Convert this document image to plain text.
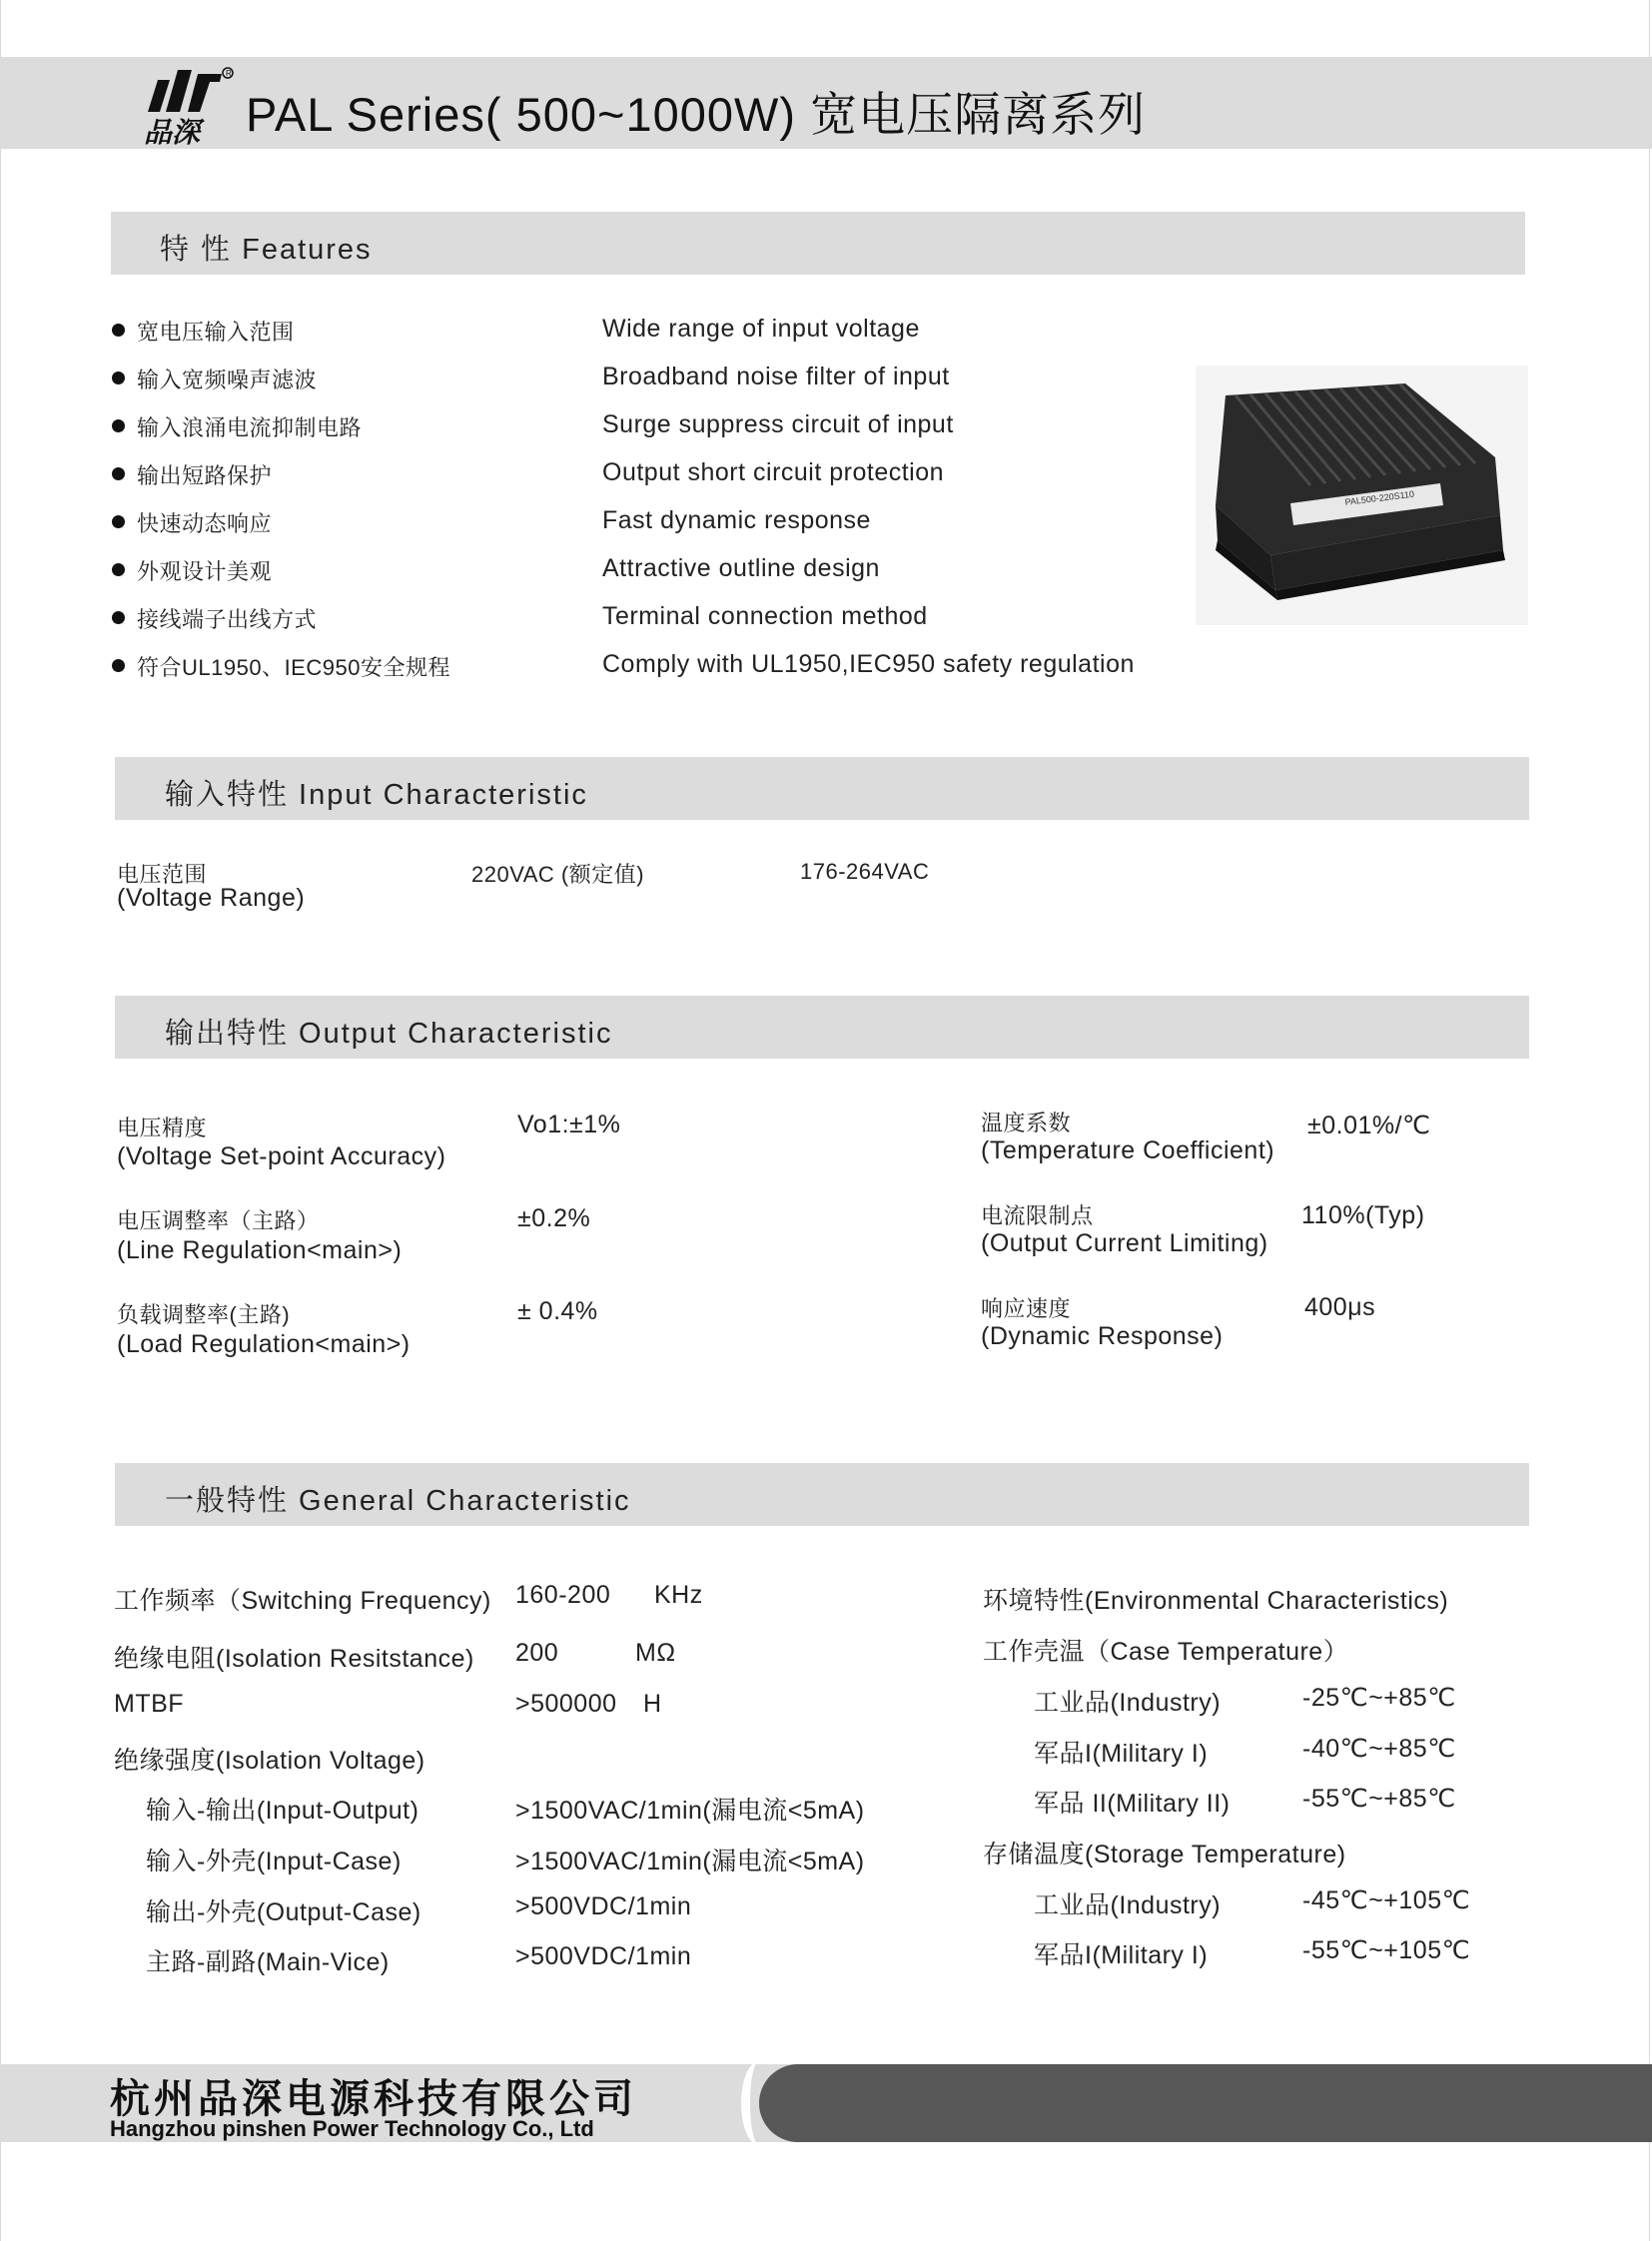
R
品深 PAL Series( 500~1000W) 宽电压隔离系列
特 性 Features
宽电压输入范围	Wide range of input voltage
输入宽频噪声滤波	Broadband noise filter of input
输入浪涌电流抑制电路	Surge suppress circuit of input
输出短路保护	Output short circuit protection
快速动态响应	Fast dynamic response
外观设计美观	Attractive outline design
接线端子出线方式	Terminal connection method
符合UL1950、IEC950安全规程	Comply with UL1950,IEC950 safety regulation
PAL500-220S110
输入特性 Input Characteristic
电压范围
(Voltage Range)
220VAC (额定值)	176-264VAC
输出特性 Output Characteristic
电压精度
(Voltage Set-point Accuracy)
Vo1:±1%
电压调整率（主路）
(Line Regulation<main>)
±0.2%
负载调整率(主路)
(Load Regulation<main>)
± 0.4%
温度系数
(Temperature Coefficient)
±0.01%/℃
电流限制点
(Output Current Limiting)
110%(Typ)
响应速度
(Dynamic Response)
400μs
一般特性 General Characteristic
工作频率（Switching Frequency) 160-200 KHz
绝缘电阻(Isolation Resitstance) 200	MΩ
MTBF	>500000 H
绝缘强度(Isolation Voltage)
输入-输出(Input-Output)	>1500VAC/1min(漏电流<5mA)
输入-外壳(Input-Case)	>1500VAC/1min(漏电流<5mA)
输出-外壳(Output-Case)	>500VDC/1min
主路-副路(Main-Vice)	>500VDC/1min
环境特性(Environmental Characteristics)
工作壳温（Case Temperature）
工业品(Industry)	-25℃~+85℃
军品I(Military I)	-40℃~+85℃
军品 II(Military II)	-55℃~+85℃
存储温度(Storage Temperature)
工业品(Industry)	-45℃~+105℃
军品I(Military I)	-55℃~+105℃
杭州品深电源科技有限公司
Hangzhou pinshen Power Technology Co., Ltd
